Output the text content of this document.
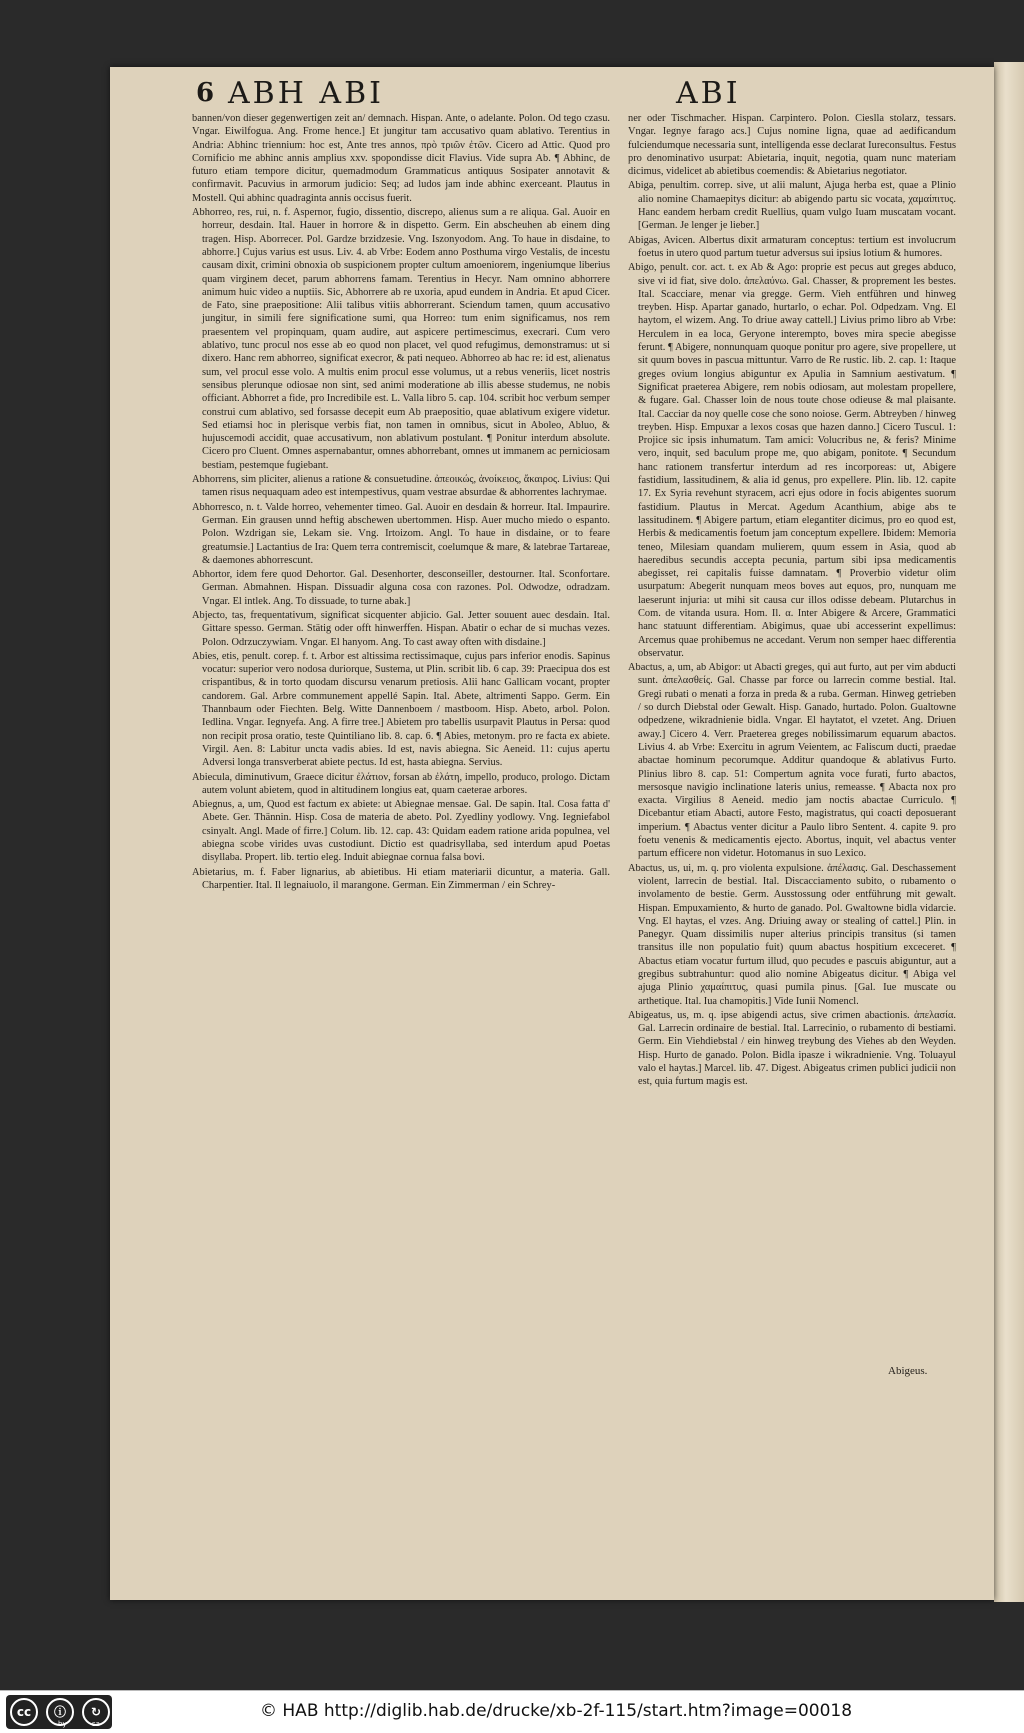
6 ABH ABI	ABI

bannen/von dieser gegenwertigen zeit an/ demnach. Hispan. Ante, o adelante. Polon. Od tego czasu. Vngar. Eiwilfogua. Ang. Frome hence.] Et jungitur tam accusativo quam ablativo. Terentius in Andria: Abhinc triennium: hoc est, Ante tres annos, πρὸ τριῶν ἐτῶν. Cicero ad Attic. Quod pro Cornificio me abhinc annis amplius xxv. spopondisse dicit Flavius. Vide supra Ab. ¶ Abhinc, de futuro etiam tempore dicitur, quemadmodum Grammaticus antiquus Sosipater annotavit & confirmavit. Pacuvius in armorum judicio: Seq; ad ludos jam inde abhinc exerceant. Plautus in Mostell. Qui abhinc quadraginta annis occisus fuerit.

Abhorreo, res, rui, n. f. Aspernor, fugio, dissentio, discrepo, alienus sum a re aliqua. Gal. Auoir en horreur, desdain. Ital. Hauer in horrore & in dispetto. Germ. Ein abscheuhen ab einem ding tragen. Hisp. Aborrecer. Pol. Gardze brzidzesie. Vng. Iszonyodom. Ang. To haue in disdaine, to abhorre.] Cujus varius est usus. Liv. 4. ab Vrbe: Eodem anno Posthuma virgo Vestalis, de incestu causam dixit, crimini obnoxia ob suspicionem propter cultum amoeniorem, ingeniumque liberius quam virginem decet, parum abhorrens famam. Terentius in Hecyr. Nam omnino abhorrere animum huic video a nuptiis. Sic, Abhorrere ab re uxoria, apud eundem in Andria. Et apud Cicer. de Fato, sine praepositione: Alii talibus vitiis abhorrerant. Sciendum tamen, quum accusativo jungitur, in simili fere significatione sumi, qua Horreo: tum enim significamus, nos rem praesentem vel propinquam, quam audire, aut aspicere pertimescimus, execrari. Cum vero ablativo, tunc procul nos esse ab eo quod non placet, vel quod refugimus, demonstramus: ut si dixero. Hanc rem abhorreo, significat execror, & pati nequeo. Abhorreo ab hac re: id est, alienatus sum, vel procul esse volo. A multis enim procul esse volumus, ut a rebus veneriis, licet nostris sensibus plerunque odiosae non sint, sed animi moderatione ab illis abesse studemus, ne nobis officiant. Abhorret a fide, pro Incredibile est. L. Valla libro 5. cap. 104. scribit hoc verbum semper construi cum ablativo, sed forsasse decepit eum Ab praepositio, quae ablativum exigere videtur. Sed etiamsi hoc in plerisque verbis fiat, non tamen in omnibus, sicut in Aboleo, Abluo, & hujuscemodi accidit, quae accusativum, non ablativum postulant. ¶ Ponitur interdum absolute. Cicero pro Cluent. Omnes aspernabantur, omnes abhorrebant, omnes ut immanem ac perniciosam bestiam, pestemque fugiebant.

Abhorrens, sim pliciter, alienus a ratione & consuetudine. ἀπεοικώς, ἀνοίκειος, ἄκαιρος. Livius: Qui tamen risus nequaquam adeo est intempestivus, quam vestrae absurdae & abhorrentes lachrymae.

Abhorresco, n. t. Valde horreo, vehementer timeo. Gal. Auoir en desdain & horreur. Ital. Impaurire. German. Ein grausen unnd heftig abschewen ubertommen. Hisp. Auer mucho miedo o espanto. Polon. Wzdrigan sie, Lekam sie. Vng. Irtoizom. Angl. To haue in disdaine, or to feare greatumsie.] Lactantius de Ira: Quem terra contremiscit, coelumque & mare, & latebrae Tartareae, & daemones abhorrescunt.

Abhortor, idem fere quod Dehortor. Gal. Desenhorter, desconseiller, destourner. Ital. Sconfortare. German. Abmahnen. Hispan. Dissuadir alguna cosa con razones. Pol. Odwodze, odradzam. Vngar. El intlek. Ang. To dissuade, to turne abak.]

Abjecto, tas, frequentativum, significat sicquenter abjicio. Gal. Jetter souuent auec desdain. Ital. Gittare spesso. German. Stätig oder offt hinwerffen. Hispan. Abatir o echar de si muchas vezes. Polon. Odrzuczywiam. Vngar. El hanyom. Ang. To cast away often with disdaine.]

Abies, etis, penult. corep. f. t. Arbor est altissima rectissimaque, cujus pars inferior enodis. Sapinus vocatur: superior vero nodosa duriorque, Sustema, ut Plin. scribit lib. 6 cap. 39: Praecipua dos est crispantibus, & in torto quodam discursu venarum pretiosis. Alii hanc Gallicam vocant, propter candorem. Gal. Arbre communement appellé Sapin. Ital. Abete, altrimenti Sappo. Germ. Ein Thannbaum oder Fiechten. Belg. Witte Dannenboem / mastboom. Hisp. Abeto, arbol. Polon. Iedlina. Vngar. Iegnyefa. Ang. A firre tree.] Abietem pro tabellis usurpavit Plautus in Persa: quod non recipit prosa oratio, teste Quintiliano lib. 8. cap. 6. ¶ Abies, metonym. pro re facta ex abiete. Virgil. Aen. 8: Labitur uncta vadis abies. Id est, navis abiegna. Sic Aeneid. 11: cujus apertu Adversi longa transverberat abiete pectus. Id est, hasta abiegna. Servius.

Abiecula, diminutivum, Graece dicitur ἐλάτιον, forsan ab ἐλάτη, impello, produco, prologo. Dictam autem volunt abietem, quod in altitudinem longius eat, quam caeterae arbores.

Abiegnus, a, um, Quod est factum ex abiete: ut Abiegnae mensae. Gal. De sapin. Ital. Cosa fatta d' Abete. Ger. Thännin. Hisp. Cosa de materia de abeto. Pol. Zyedliny yodlowy. Vng. Iegniefabol csinyalt. Angl. Made of firre.] Colum. lib. 12. cap. 43: Quidam eadem ratione arida populnea, vel abiegna scobe virides uvas custodiunt. Dictio est quadrisyllaba, sed interdum apud Poetas disyllaba. Propert. lib. tertio eleg. Induit abiegnae cornua falsa bovi.

Abietarius, m. f. Faber lignarius, ab abietibus. Hi etiam materiarii dicuntur, a materia. Gall. Charpentier. Ital. Il legnaiuolo, il marangone. German. Ein Zimmerman / ein Schrey-

ner oder Tischmacher. Hispan. Carpintero. Polon. Cieslla stolarz, tessars. Vngar. Iegnye farago acs.] Cujus nomine ligna, quae ad aedificandum fulciendumque necessaria sunt, intelligenda esse declarat Iureconsultus. Festus pro denominativo usurpat: Abietaria, inquit, negotia, quam nunc materiam dicimus, videlicet ab abietibus coemendis: & Abietarius negotiator.

Abiga, penultim. correp. sive, ut alii malunt, Ajuga herba est, quae a Plinio alio nomine Chamaepitys dicitur: ab abigendo partu sic vocata, χαμαίπιτυς. Hanc eandem herbam credit Ruellius, quam vulgo Iuam muscatam vocant. [German. Je lenger je lieber.]

Abigas, Avicen. Albertus dixit armaturam conceptus: tertium est involucrum foetus in utero quod partum tuetur adversus sui ipsius lotium & humores.

Abigo, penult. cor. act. t. ex Ab & Ago: proprie est pecus aut greges abduco, sive vi id fiat, sive dolo. ἀπελαύνω. Gal. Chasser, & proprement les bestes. Ital. Scacciare, menar via gregge. Germ. Vieh entführen und hinweg treyben. Hisp. Apartar ganado, hurtarlo, o echar. Pol. Odpedzam. Vng. El haytom, el wizem. Ang. To driue away cattell.] Livius primo libro ab Vrbe: Herculem in ea loca, Geryone interempto, boves mira specie abegisse ferunt. ¶ Abigere, nonnunquam quoque ponitur pro agere, sive propellere, ut sit quum boves in pascua mittuntur. Varro de Re rustic. lib. 2. cap. 1: Itaque greges ovium longius abiguntur ex Apulia in Samnium aestivatum. ¶ Significat praeterea Abigere, rem nobis odiosam, aut molestam propellere, & fugare. Gal. Chasser loin de nous toute chose odieuse & mal plaisante. Ital. Cacciar da noy quelle cose che sono noiose. Germ. Abtreyben / hinweg treyben. Hisp. Empuxar a lexos cosas que hazen danno.] Cicero Tuscul. 1: Projice sic ipsis inhumatum. Tam amici: Volucribus ne, & feris? Minime vero, inquit, sed baculum prope me, quo abigam, ponitote. ¶ Secundum hanc rationem transfertur interdum ad res incorporeas: ut, Abigere fastidium, lassitudinem, & alia id genus, pro expellere. Plin. lib. 12. capite 17. Ex Syria revehunt styracem, acri ejus odore in focis abigentes suorum fastidium. Plautus in Mercat. Agedum Acanthium, abige abs te lassitudinem. ¶ Abigere partum, etiam elegantiter dicimus, pro eo quod est, Herbis & medicamentis foetum jam conceptum expellere. Ibidem: Memoria teneo, Milesiam quandam mulierem, quum essem in Asia, quod ab haeredibus secundis accepta pecunia, partum sibi ipsa medicamentis abegisset, rei capitalis fuisse damnatam. ¶ Proverbio videtur olim usurpatum: Abegerit nunquam meos boves aut equos, pro, nunquam me laeserunt injuria: ut mihi sit causa cur illos odisse debeam. Plutarchus in Com. de vitanda usura. Hom. Il. α. Inter Abigere & Arcere, Grammatici hanc statuunt differentiam. Abigimus, quae ubi accesserint expellimus: Arcemus quae prohibemus ne accedant. Verum non semper haec differentia observatur.

Abactus, a, um, ab Abigor: ut Abacti greges, qui aut furto, aut per vim abducti sunt. ἀπελασθείς. Gal. Chasse par force ou larrecin comme bestial. Ital. Gregi rubati o menati a forza in preda & a ruba. German. Hinweg getrieben / so durch Diebstal oder Gewalt. Hisp. Ganado, hurtado. Polon. Gualtowne odpedzene, wikradnienie bidla. Vngar. El haytatot, el vzetet. Ang. Driuen away.] Cicero 4. Verr. Praeterea greges nobilissimarum equarum abactos. Livius 4. ab Vrbe: Exercitu in agrum Veientem, ac Faliscum ducti, praedae abactae hominum pecorumque. Additur quandoque & ablativus Furto. Plinius libro 8. cap. 51: Compertum agnita voce furati, furto abactos, mersosque navigio inclinatione lateris unius, remeasse. ¶ Abacta nox pro exacta. Virgilius 8 Aeneid. medio jam noctis abactae Curriculo. ¶ Dicebantur etiam Abacti, autore Festo, magistratus, qui coacti deposuerant imperium. ¶ Abactus venter dicitur a Paulo libro Sentent. 4. capite 9. pro foetu venenis & medicamentis ejecto. Abortus, inquit, vel abactus venter partum efficere non videtur. Hotomanus in suo Lexico.

Abactus, us, ui, m. q. pro violenta expulsione. ἀπέλασις. Gal. Deschassement violent, larrecin de bestial. Ital. Discacciamento subito, o rubamento o involamento de bestie. Germ. Ausstossung oder entführung mit gewalt. Hispan. Empuxamiento, & hurto de ganado. Pol. Gwaltowne bidla vidarcie. Vng. El haytas, el vzes. Ang. Driuing away or stealing of cattel.] Plin. in Panegyr. Quam dissimilis nuper alterius principis transitus (si tamen transitus ille non populatio fuit) quum abactus hospitium exceceret. ¶ Abactus etiam vocatur furtum illud, quo pecudes e pascuis abiguntur, aut a gregibus subtrahuntur: quod alio nomine Abigeatus dicitur. ¶ Abiga vel ajuga Plinio χαμαίπιτυς, quasi pumila pinus. [Gal. Iue muscate ou arthetique. Ital. Iua chamopitis.] Vide Iunii Nomencl.

Abigeatus, us, m. q. ipse abigendi actus, sive crimen abactionis. ἀπελασία. Gal. Larrecin ordinaire de bestial. Ital. Larrecinio, o rubamento di bestiami. Germ. Ein Viehdiebstal / ein hinweg treybung des Viehes ab den Weyden. Hisp. Hurto de ganado. Polon. Bidla ipasze i wikradnienie. Vng. Toluayul valo el haytas.] Marcel. lib. 47. Digest. Abigeatus crimen publici judicii non est, quia furtum magis est.

Abigeus.
cc	ⓘ	↻
by	sa
© HAB http://diglib.hab.de/drucke/xb-2f-115/start.htm?image=00018
